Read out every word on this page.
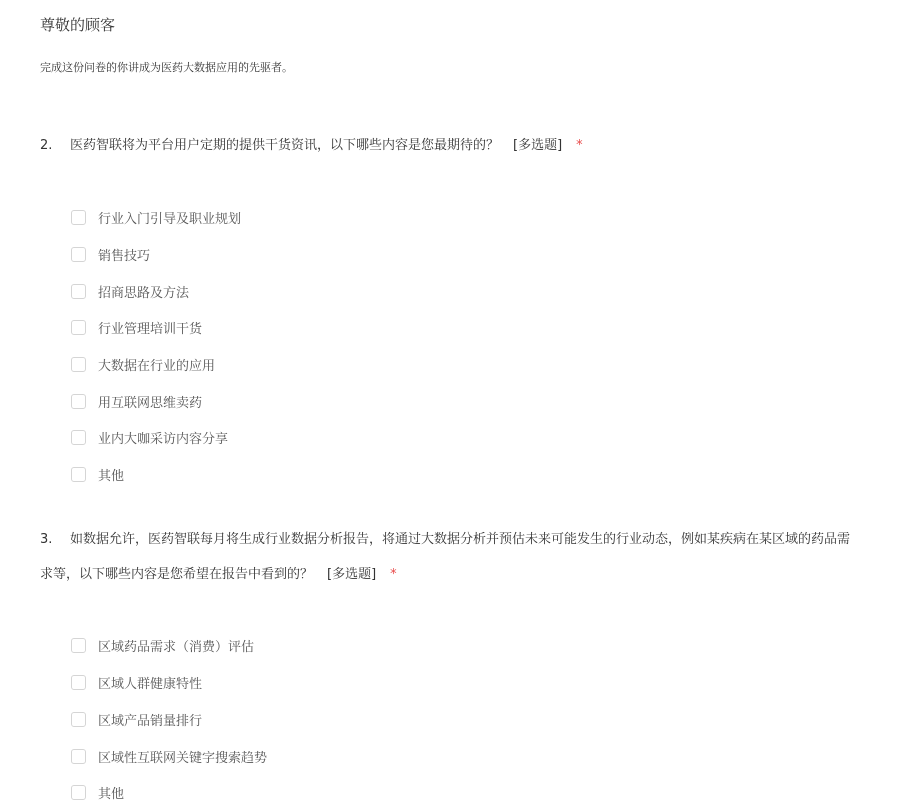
尊敬的顾客
完成这份问卷的你讲成为医药大数据应用的先驱者。
2. 医药智联将为平台用户定期的提供干货资讯，以下哪些内容是您最期待的？ [多选题] *
行业入门引导及职业规划
销售技巧
招商思路及方法
行业管理培训干货
大数据在行业的应用
用互联网思维卖药
业内大咖采访内容分享
其他
3. 如数据允许，医药智联每月将生成行业数据分析报告，将通过大数据分析并预估未来可能发生的行业动态，例如某疾病在某区域的药品需
求等，以下哪些内容是您希望在报告中看到的？ [多选题] *
区域药品需求（消费）评估
区域人群健康特性
区域产品销量排行
区域性互联网关键字搜索趋势
其他
